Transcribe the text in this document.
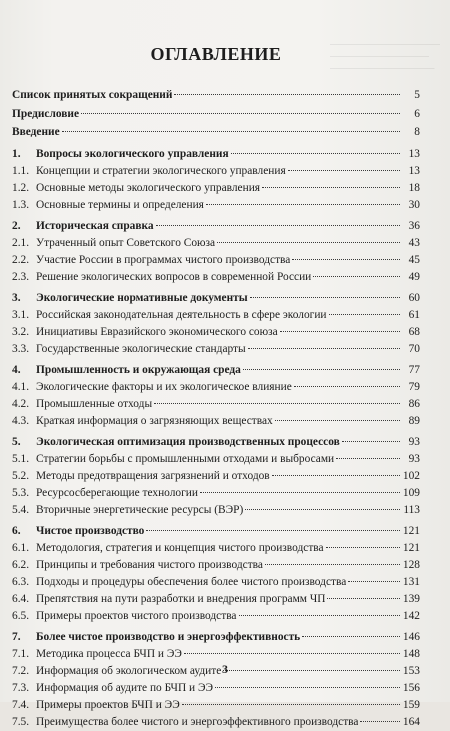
ОГЛАВЛЕНИЕ
Список принятых сокращений	5
Предисловие	6
Введение	8
1.	Вопросы экологического управления	13
1.1. Концепции и стратегии экологического управления	13
1.2. Основные методы экологического управления	18
1.3. Основные термины и определения	30
2.	Историческая справка	36
2.1. Утраченный опыт Советского Союза	43
2.2. Участие России в программах чистого производства	45
2.3. Решение экологических вопросов в современной России	49
3.	Экологические нормативные документы	60
3.1. Российская законодательная деятельность в сфере экологии	61
3.2. Инициативы Евразийского экономического союза	68
3.3. Государственные экологические стандарты	70
4.	Промышленность и окружающая среда	77
4.1. Экологические факторы и их экологическое влияние	79
4.2. Промышленные отходы	86
4.3. Краткая информация о загрязняющих веществах	89
5.	Экологическая оптимизация производственных процессов	93
5.1. Стратегии борьбы с промышленными отходами и выбросами	93
5.2. Методы предотвращения загрязнений и отходов	102
5.3. Ресурсосберегающие технологии	109
5.4. Вторичные энергетические ресурсы (ВЭР)	113
6.	Чистое производство	121
6.1. Методология, стратегия и концепция чистого производства	121
6.2. Принципы и требования чистого производства	128
6.3. Подходы и процедуры обеспечения более чистого производства	131
6.4. Препятствия на пути разработки и внедрения программ ЧП	139
6.5. Примеры проектов чистого производства	142
7.	Более чистое производство и энергоэффективность	146
7.1. Методика процесса БЧП и ЭЭ	148
7.2. Информация об экологическом аудите	153
7.3. Информация об аудите по БЧП и ЭЭ	156
7.4. Примеры проектов БЧП и ЭЭ	159
7.5. Преимущества более чистого и энергоэффективного производства	164
3
